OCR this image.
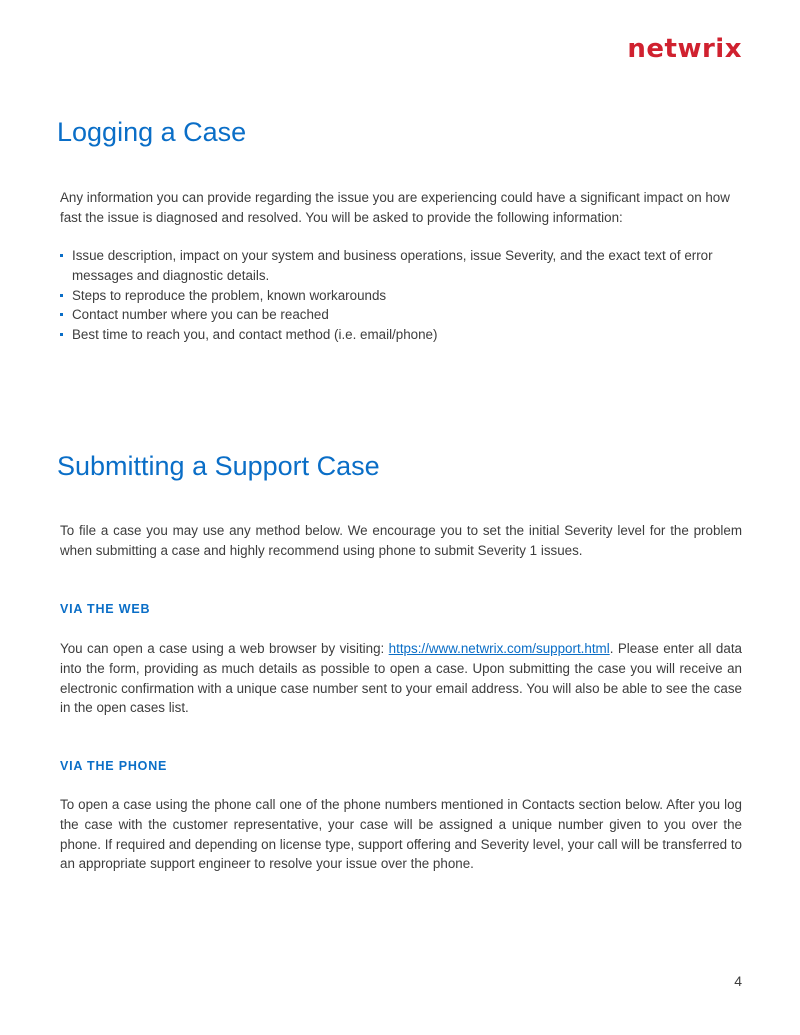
netwrix
Logging a Case

Any information you can provide regarding the issue you are experiencing could have a significant impact on how fast the issue is diagnosed and resolved. You will be asked to provide the following information:

Issue description, impact on your system and business operations, issue Severity, and the exact text of error messages and diagnostic details.
Steps to reproduce the problem, known workarounds
Contact number where you can be reached
Best time to reach you, and contact method (i.e. email/phone)
Submitting a Support Case

To file a case you may use any method below. We encourage you to set the initial Severity level for the problem when submitting a case and highly recommend using phone to submit Severity 1 issues.

VIA THE WEB

You can open a case using a web browser by visiting: https://www.netwrix.com/support.html. Please enter all data into the form, providing as much details as possible to open a case. Upon submitting the case you will receive an electronic confirmation with a unique case number sent to your email address. You will also be able to see the case in the open cases list.

VIA THE PHONE

To open a case using the phone call one of the phone numbers mentioned in Contacts section below. After you log the case with the customer representative, your case will be assigned a unique number given to you over the phone. If required and depending on license type, support offering and Severity level, your call will be transferred to an appropriate support engineer to resolve your issue over the phone.

4
